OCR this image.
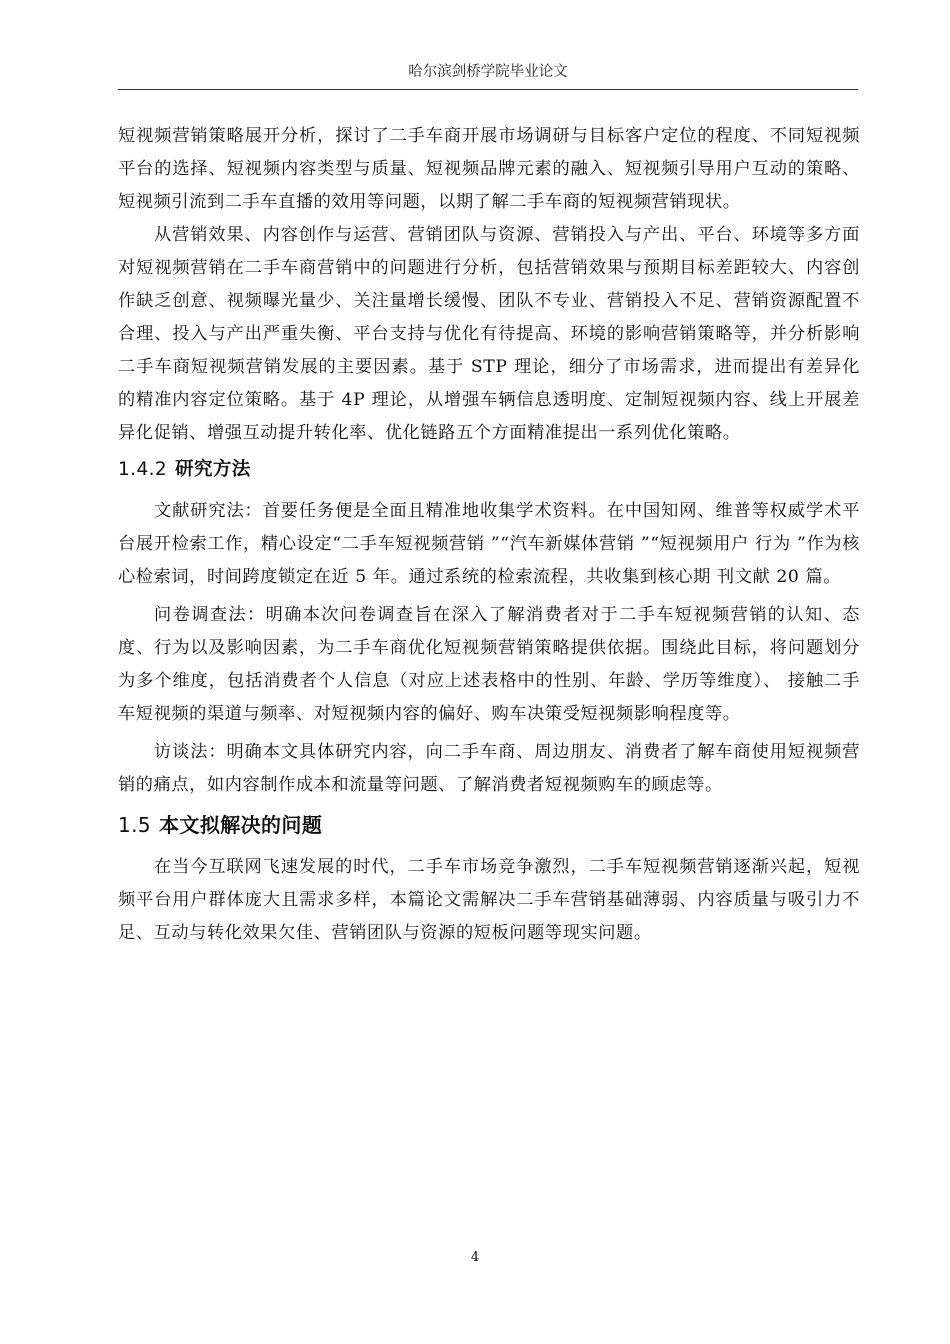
哈尔滨剑桥学院毕业论文

短视频营销策略展开分析，探讨了二手车商开展市场调研与目标客户定位的程度、不同短视频平台的选择、短视频内容类型与质量、短视频品牌元素的融入、短视频引导用户互动的策略、短视频引流到二手车直播的效用等问题，以期了解二手车商的短视频营销现状。

从营销效果、内容创作与运营、营销团队与资源、营销投入与产出、平台、环境等多方面对短视频营销在二手车商营销中的问题进行分析，包括营销效果与预期目标差距较大、内容创作缺乏创意、视频曝光量少、关注量增长缓慢、团队不专业、营销投入不足、营销资源配置不合理、投入与产出严重失衡、平台支持与优化有待提高、环境的影响营销策略等，并分析影响二手车商短视频营销发展的主要因素。基于 STP 理论，细分了市场需求，进而提出有差异化的精准内容定位策略。基于 4P 理论，从增强车辆信息透明度、定制短视频内容、线上开展差异化促销、增强互动提升转化率、优化链路五个方面精准提出一系列优化策略。

1.4.2 研究方法

文献研究法：首要任务便是全面且精准地收集学术资料。在中国知网、维普等权威学术平台展开检索工作，精心设定“二手车短视频营销 ”“汽车新媒体营销 ”“短视频用户 行为 ”作为核心检索词，时间跨度锁定在近 5 年。通过系统的检索流程，共收集到核心期 刊文献 20 篇。

问卷调查法：明确本次问卷调查旨在深入了解消费者对于二手车短视频营销的认知、态度、行为以及影响因素，为二手车商优化短视频营销策略提供依据。围绕此目标，将问题划分为多个维度，包括消费者个人信息（对应上述表格中的性别、年龄、学历等维度）、 接触二手车短视频的渠道与频率、对短视频内容的偏好、购车决策受短视频影响程度等。

访谈法：明确本文具体研究内容，向二手车商、周边朋友、消费者了解车商使用短视频营销的痛点，如内容制作成本和流量等问题、了解消费者短视频购车的顾虑等。

1.5 本文拟解决的问题

在当今互联网飞速发展的时代，二手车市场竞争激烈，二手车短视频营销逐渐兴起，短视频平台用户群体庞大且需求多样，本篇论文需解决二手车营销基础薄弱、内容质量与吸引力不足、互动与转化效果欠佳、营销团队与资源的短板问题等现实问题。

4
